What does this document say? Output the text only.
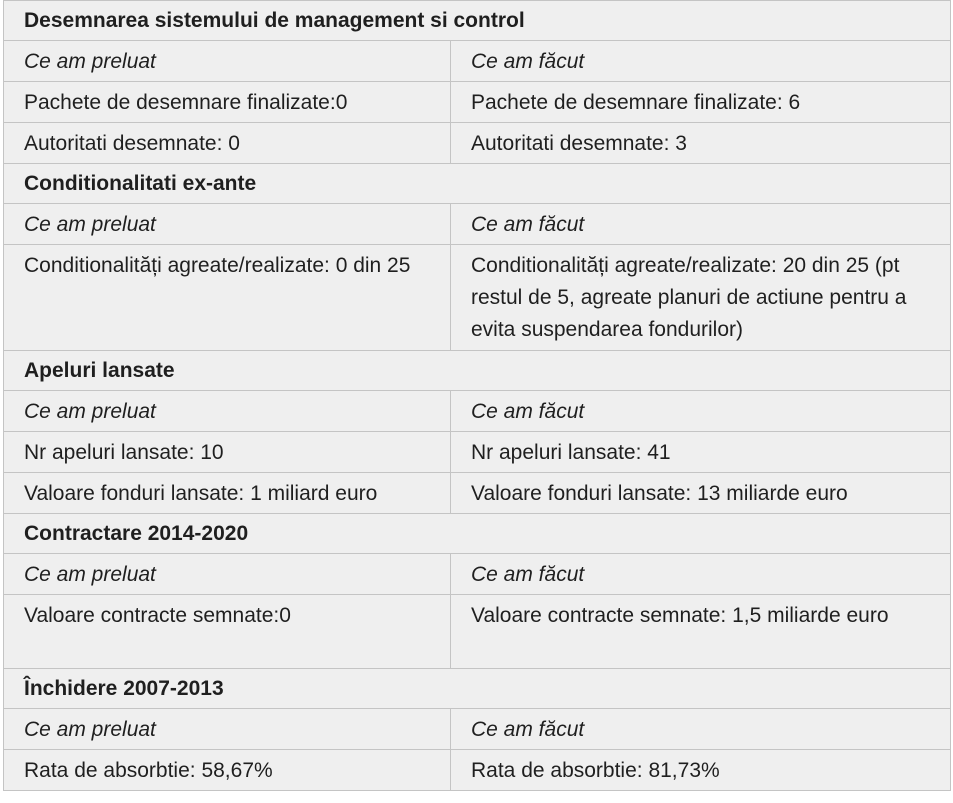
Desemnarea sistemului de management si control	
Ce am preluat	Ce am făcut
Pachete de desemnare finalizate:0	Pachete de desemnare finalizate: 6
Autoritati desemnate: 0	Autoritati desemnate: 3
Conditionalitati ex-ante	
Ce am preluat	Ce am făcut
Conditionalități agreate/realizate: 0 din 25	Conditionalități agreate/realizate: 20 din 25 (pt restul de 5, agreate planuri de actiune pentru a evita suspendarea fondurilor)
Apeluri lansate	
Ce am preluat	Ce am făcut
Nr apeluri lansate: 10	Nr apeluri lansate: 41
Valoare fonduri lansate: 1 miliard euro	Valoare fonduri lansate: 13 miliarde euro
Contractare 2014-2020	
Ce am preluat	Ce am făcut
Valoare contracte semnate:0	Valoare contracte semnate: 1,5 miliarde euro
Închidere 2007-2013	
Ce am preluat	Ce am făcut
Rata de absorbtie: 58,67%	Rata de absorbtie: 81,73%
